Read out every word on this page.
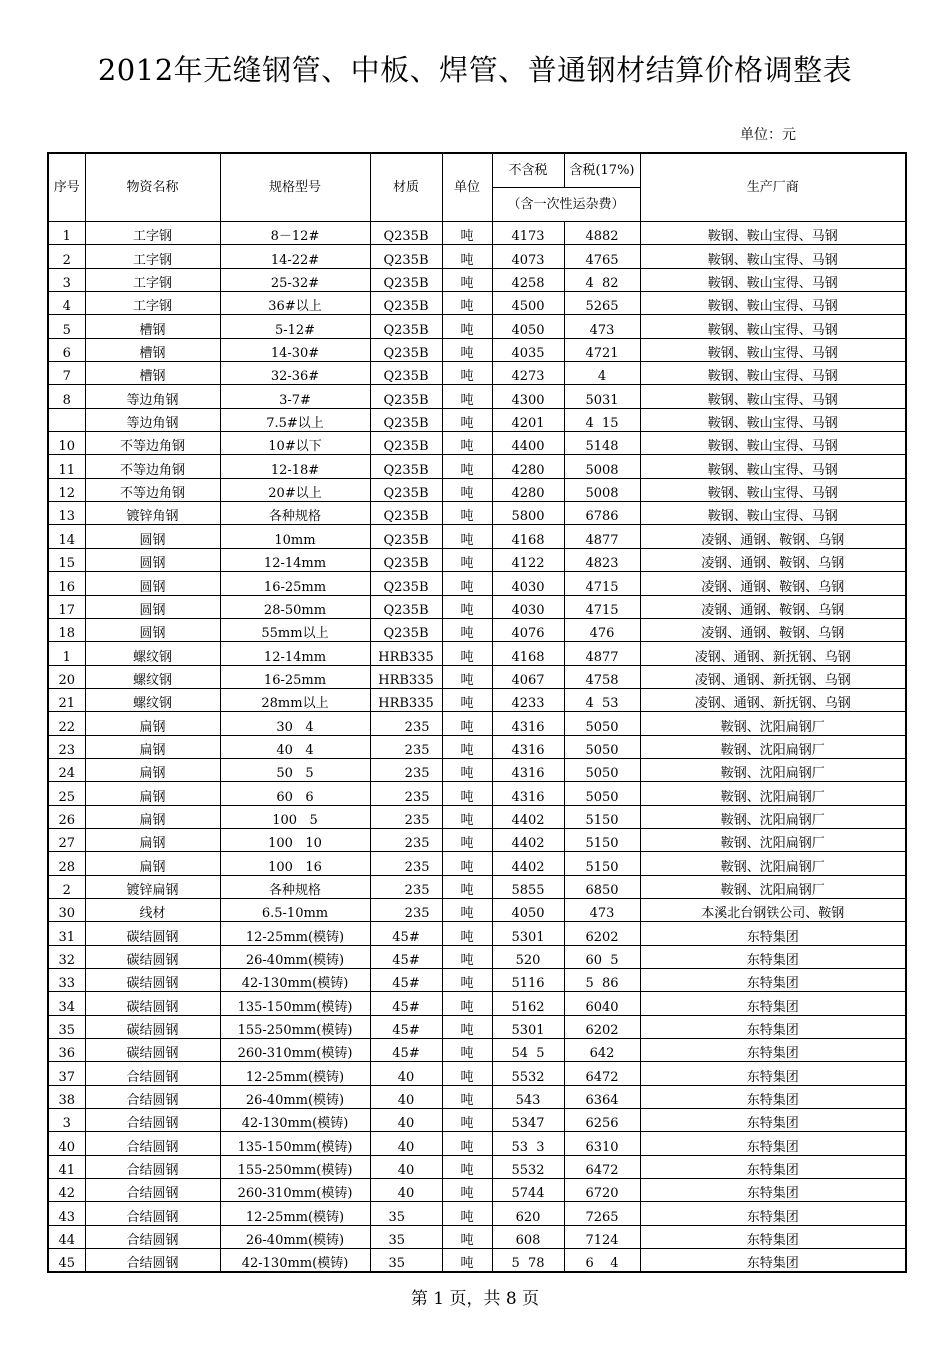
2012年无缝钢管、中板、焊管、普通钢材结算价格调整表
单位：元
序号	物资名称	规格型号	材质	单位	不含税	含税(17%)	生产厂商
					（含一次性运杂费）		
1	工字钢	8－12#	Q235B	吨	4173	4882	鞍钢、鞍山宝得、马钢
2	工字钢	14-22#	Q235B	吨	4073	4765	鞍钢、鞍山宝得、马钢
3	工字钢	25-32#	Q235B	吨	4258	4  82	鞍钢、鞍山宝得、马钢
4	工字钢	36#以上	Q235B	吨	4500	5265	鞍钢、鞍山宝得、马钢
5	槽钢	5-12#	Q235B	吨	4050	473	鞍钢、鞍山宝得、马钢
6	槽钢	14-30#	Q235B	吨	4035	4721	鞍钢、鞍山宝得、马钢
7	槽钢	32-36#	Q235B	吨	4273	4	鞍钢、鞍山宝得、马钢
8	等边角钢	3-7#	Q235B	吨	4300	5031	鞍钢、鞍山宝得、马钢
	等边角钢	7.5#以上	Q235B	吨	4201	4  15	鞍钢、鞍山宝得、马钢
10	不等边角钢	10#以下	Q235B	吨	4400	5148	鞍钢、鞍山宝得、马钢
11	不等边角钢	12-18#	Q235B	吨	4280	5008	鞍钢、鞍山宝得、马钢
12	不等边角钢	20#以上	Q235B	吨	4280	5008	鞍钢、鞍山宝得、马钢
13	镀锌角钢	各种规格	Q235B	吨	5800	6786	鞍钢、鞍山宝得、马钢
14	圆钢	10mm	Q235B	吨	4168	4877	凌钢、通钢、鞍钢、乌钢
15	圆钢	12-14mm	Q235B	吨	4122	4823	凌钢、通钢、鞍钢、乌钢
16	圆钢	16-25mm	Q235B	吨	4030	4715	凌钢、通钢、鞍钢、乌钢
17	圆钢	28-50mm	Q235B	吨	4030	4715	凌钢、通钢、鞍钢、乌钢
18	圆钢	55mm以上	Q235B	吨	4076	476	凌钢、通钢、鞍钢、乌钢
1	螺纹钢	12-14mm	HRB335	吨	4168	4877	凌钢、通钢、新抚钢、乌钢
20	螺纹钢	16-25mm	HRB335	吨	4067	4758	凌钢、通钢、新抚钢、乌钢
21	螺纹钢	28mm以上	HRB335	吨	4233	4  53	凌钢、通钢、新抚钢、乌钢
22	扁钢	30   4	235	吨	4316	5050	鞍钢、沈阳扁钢厂
23	扁钢	40   4	235	吨	4316	5050	鞍钢、沈阳扁钢厂
24	扁钢	50   5	235	吨	4316	5050	鞍钢、沈阳扁钢厂
25	扁钢	60   6	235	吨	4316	5050	鞍钢、沈阳扁钢厂
26	扁钢	100   5	235	吨	4402	5150	鞍钢、沈阳扁钢厂
27	扁钢	100   10	235	吨	4402	5150	鞍钢、沈阳扁钢厂
28	扁钢	100   16	235	吨	4402	5150	鞍钢、沈阳扁钢厂
2	镀锌扁钢	各种规格	235	吨	5855	6850	鞍钢、沈阳扁钢厂
30	线材	6.5-10mm	235	吨	4050	473	本溪北台钢铁公司、鞍钢
31	碳结圆钢	12-25mm(模铸)	45#	吨	5301	6202	东特集团
32	碳结圆钢	26-40mm(模铸)	45#	吨	520	60  5	东特集团
33	碳结圆钢	42-130mm(模铸)	45#	吨	5116	5  86	东特集团
34	碳结圆钢	135-150mm(模铸)	45#	吨	5162	6040	东特集团
35	碳结圆钢	155-250mm(模铸)	45#	吨	5301	6202	东特集团
36	碳结圆钢	260-310mm(模铸)	45#	吨	54  5	642	东特集团
37	合结圆钢	12-25mm(模铸)	40	吨	5532	6472	东特集团
38	合结圆钢	26-40mm(模铸)	40	吨	543	6364	东特集团
3	合结圆钢	42-130mm(模铸)	40	吨	5347	6256	东特集团
40	合结圆钢	135-150mm(模铸)	40	吨	53  3	6310	东特集团
41	合结圆钢	155-250mm(模铸)	40	吨	5532	6472	东特集团
42	合结圆钢	260-310mm(模铸)	40	吨	5744	6720	东特集团
43	合结圆钢	12-25mm(模铸)	35	吨	620	7265	东特集团
44	合结圆钢	26-40mm(模铸)	35	吨	608	7124	东特集团
45	合结圆钢	42-130mm(模铸)	35	吨	5  78	6    4	东特集团
第 1 页，共 8 页
